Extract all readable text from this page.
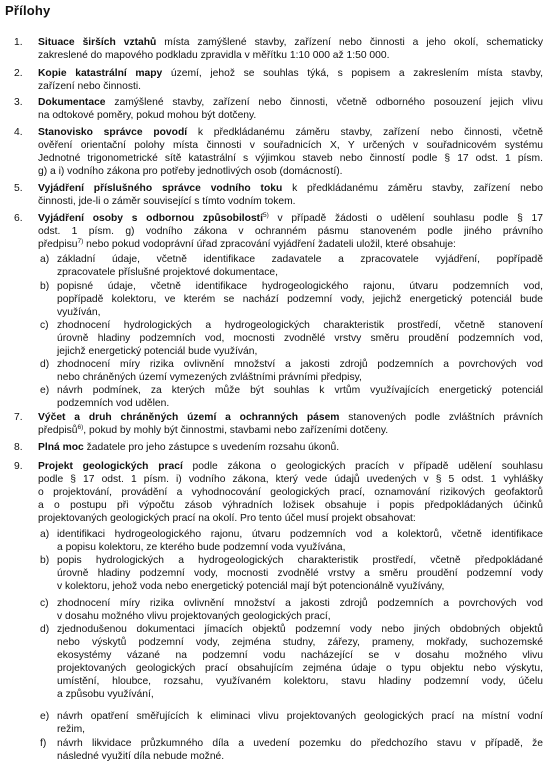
Přílohy
1. Situace širších vztahů místa zamýšlené stavby, zařízení nebo činnosti a jeho okolí, schematicky
zakreslené do mapového podkladu zpravidla v měřítku 1:10 000 až 1:50 000.
2. Kopie katastrální mapy území, jehož se souhlas týká, s popisem a zakreslením místa stavby,
zařízení nebo činnosti.
3. Dokumentace zamýšlené stavby, zařízení nebo činnosti, včetně odborného posouzení jejich vlivu
na odtokové poměry, pokud mohou být dotčeny.
4. Stanovisko správce povodí k předkládanému záměru stavby, zařízení nebo činnosti, včetně
ověření orientační polohy místa činnosti v souřadnicích X, Y určených v souřadnicovém systému
Jednotné trigonometrické sítě katastrální s výjimkou staveb nebo činností podle § 17 odst. 1 písm.
g) a i) vodního zákona pro potřeby jednotlivých osob (domácností).
5. Vyjádření příslušného správce vodního toku k předkládanému záměru stavby, zařízení nebo
činnosti, jde-li o záměr související s tímto vodním tokem.
6. Vyjádření osoby s odbornou způsobilostí$^{5)}$ v případě žádosti o udělení souhlasu podle § 17
odst. 1 písm. g) vodního zákona v ochranném pásmu stanoveném podle jiného právního
předpisu$^{7)}$ nebo pokud vodoprávní úřad zpracování vyjádření žadateli uložil, které obsahuje:
7. Výčet a druh chráněných území a ochranných pásem stanovených podle zvláštních právních
předpisů$^{6)}$, pokud by mohly být činnostmi, stavbami nebo zařízeními dotčeny.
8. Plná moc žadatele pro jeho zástupce s uvedením rozsahu úkonů.
9. Projekt geologických prací podle zákona o geologických pracích v případě udělení souhlasu
podle § 17 odst. 1 písm. i) vodního zákona, který vede údajů uvedených v § 5 odst. 1 vyhlášky
o projektování, provádění a vyhodnocování geologických prací, oznamování rizikových geofaktorů
a o postupu při výpočtu zásob výhradních ložisek obsahuje i popis předpokládaných účinků
projektovaných geologických prací na okolí. Pro tento účel musí projekt obsahovat:
a) základní údaje, včetně identifikace zadavatele a zpracovatele vyjádření, popřípadě
zpracovatele příslušné projektové dokumentace,
b) popisné údaje, včetně identifikace hydrogeologického rajonu, útvaru podzemních vod,
popřípadě kolektoru, ve kterém se nachází podzemní vody, jejichž energetický potenciál bude
využíván,
c) zhodnocení hydrologických a hydrogeologických charakteristik prostředí, včetně stanovení
úrovně hladiny podzemních vod, mocnosti zvodnělé vrstvy směru proudění podzemních vod,
jejichž energetický potenciál bude využíván,
d) zhodnocení míry rizika ovlivnění množství a jakosti zdrojů podzemních a povrchových vod
nebo chráněných území vymezených zvláštními právními předpisy,
e) návrh podmínek, za kterých může být souhlas k vrtům využívajících energetický potenciál
podzemních vod udělen.
a) identifikaci hydrogeologického rajonu, útvaru podzemních vod a kolektorů, včetně identifikace
a popisu kolektoru, ze kterého bude podzemní voda využívána,
b) popis hydrologických a hydrogeologických charakteristik prostředí, včetně předpokládané
úrovně hladiny podzemní vody, mocnosti zvodnělé vrstvy a směru proudění podzemní vody
v kolektoru, jehož voda nebo energetický potenciál mají být potencionálně využívány,
c) zhodnocení míry rizika ovlivnění množství a jakosti zdrojů podzemních a povrchových vod
v dosahu možného vlivu projektovaných geologických prací,
d) zjednodušenou dokumentaci jímacích objektů podzemní vody nebo jiných obdobných objektů
nebo výskytů podzemní vody, zejména studny, zářezy, prameny, mokřady, suchozemské
ekosystémy vázané na podzemní vodu nacházející se v dosahu možného vlivu
projektovaných geologických prací obsahujícím zejména údaje o typu objektu nebo výskytu,
umístění, hloubce, rozsahu, využívaném kolektoru, stavu hladiny podzemní vody, účelu
a způsobu využívání,
e) návrh opatření směřujících k eliminaci vlivu projektovaných geologických prací na místní vodní
režim,
f) návrh likvidace průzkumného díla a uvedení pozemku do předchozího stavu v případě, že
následné využití díla nebude možné.
